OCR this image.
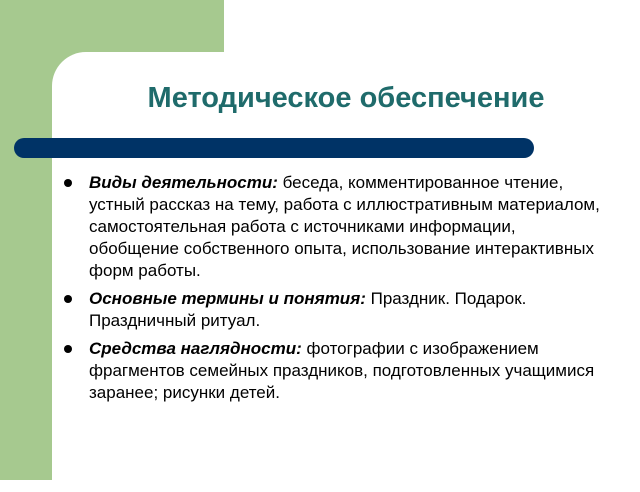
Методическое обеспечение
Виды деятельности: беседа, комментированное чтение, устный рассказ на тему, работа с иллюстративным материалом, самостоятельная работа с источниками информации, обобщение собственного опыта, использование интерактивных форм работы.
Основные термины и понятия: Праздник. Подарок. Праздничный ритуал.
Средства наглядности: фотографии с изображением фрагментов семейных праздников, подготовленных учащимися заранее; рисунки детей.
